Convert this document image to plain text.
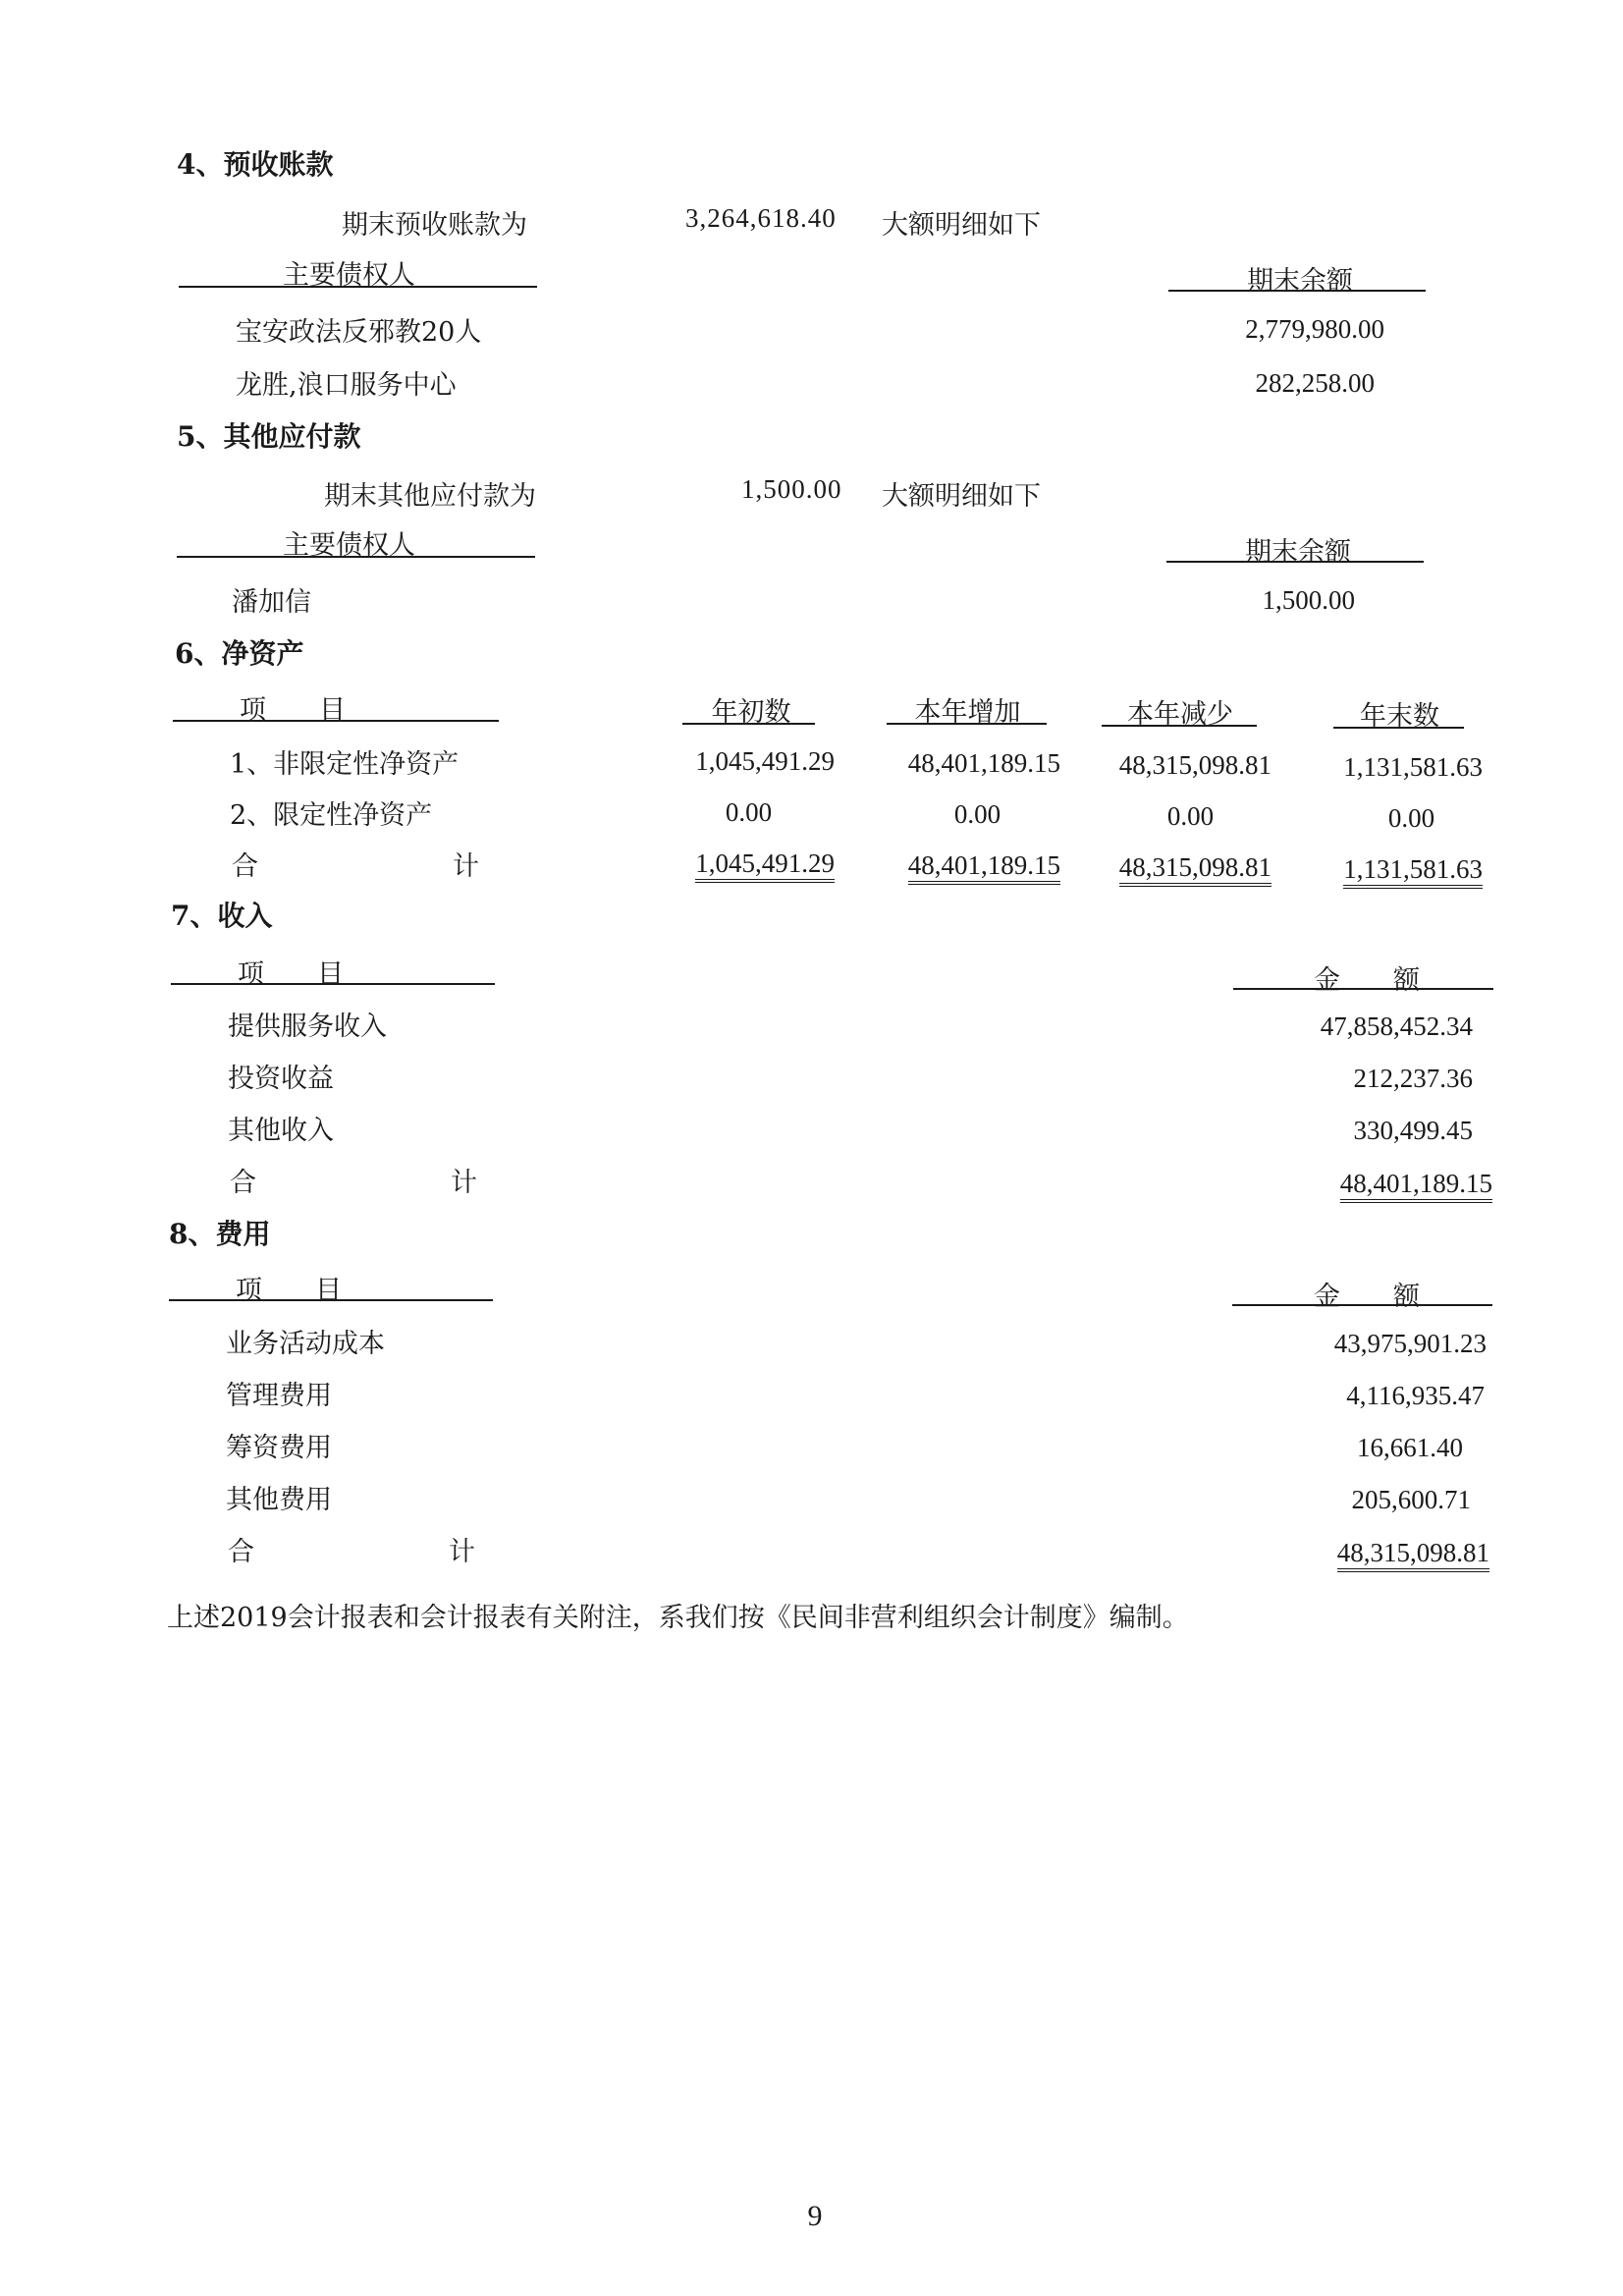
4、预收账款
期末预收账款为	3,264,618.40 大额明细如下
主要债权人	期末余额
宝安政法反邪教20人	2,779,980.00
龙胜,浪口服务中心	282,258.00
5、其他应付款
期末其他应付款为	1,500.00 大额明细如下
主要债权人	期末余额
潘加信	1,500.00
6、净资产
项　　目	年初数	本年增加	本年减少	年末数
1、非限定性净资产	1,045,491.29	48,401,189.15	48,315,098.81	1,131,581.63
2、限定性净资产	0.00	0.00	0.00	0.00
合　　计	1,045,491.29	48,401,189.15	48,315,098.81	1,131,581.63
7、收入
项　　目	金　　额
提供服务收入	47,858,452.34
投资收益	212,237.36
其他收入	330,499.45
合　　计	48,401,189.15
8、费用
项　　目	金　　额
业务活动成本	43,975,901.23
管理费用	4,116,935.47
筹资费用	16,661.40
其他费用	205,600.71
合　　计	48,315,098.81
上述2019会计报表和会计报表有关附注，系我们按《民间非营利组织会计制度》编制。
9
